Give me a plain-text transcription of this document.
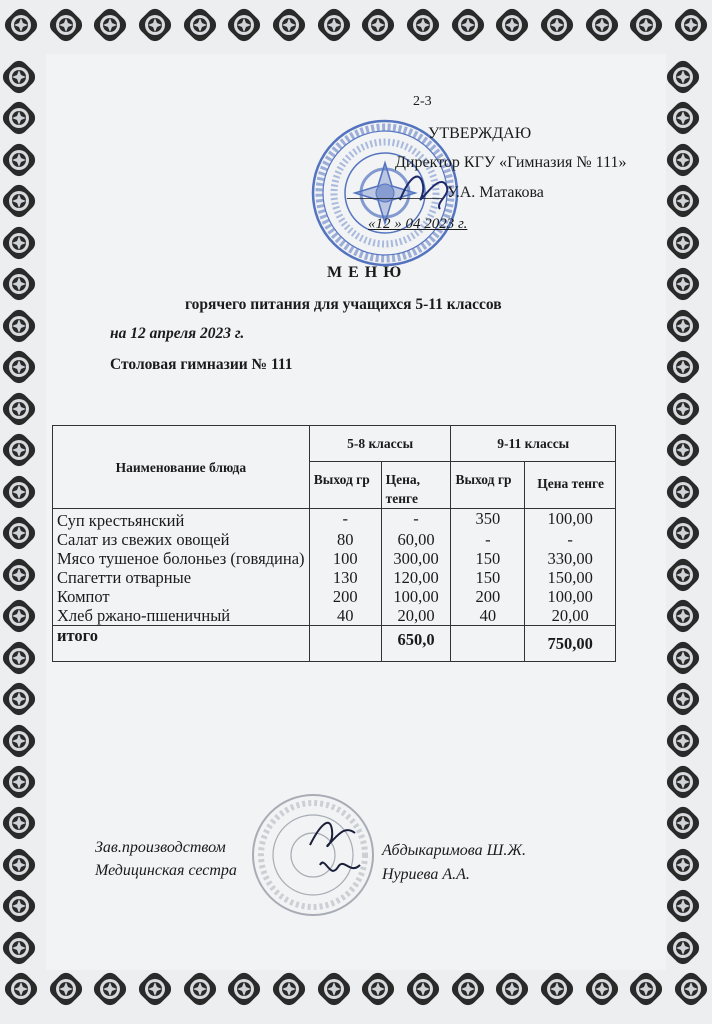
2-3
УТВЕРЖДАЮ
Директор КГУ «Гимназия № 111»
____________ У.А. Матакова
«12 » 04 2023 г.
М Е Н Ю
горячего питания для учащихся 5-11 классов
на 12 апреля 2023 г.
Столовая гимназии № 111
Наименование блюда	5-8 классы		9-11 классы	
	Выход гр	Цена, тенге	Выход гр	Цена тенге
Суп крестьянский	-	-	350	100,00
Салат из свежих овощей	80	60,00	-	-
Мясо тушеное болоньез (говядина)	100	300,00	150	330,00
Спагетти отварные	130	120,00	150	150,00
Компот	200	100,00	200	100,00
Хлеб ржано-пшеничный	40	20,00	40	20,00
итого		650,0		750,00
Зав.производством
Медицинская сестра
Абдыкаримова Ш.Ж.
Нуриева А.А.
